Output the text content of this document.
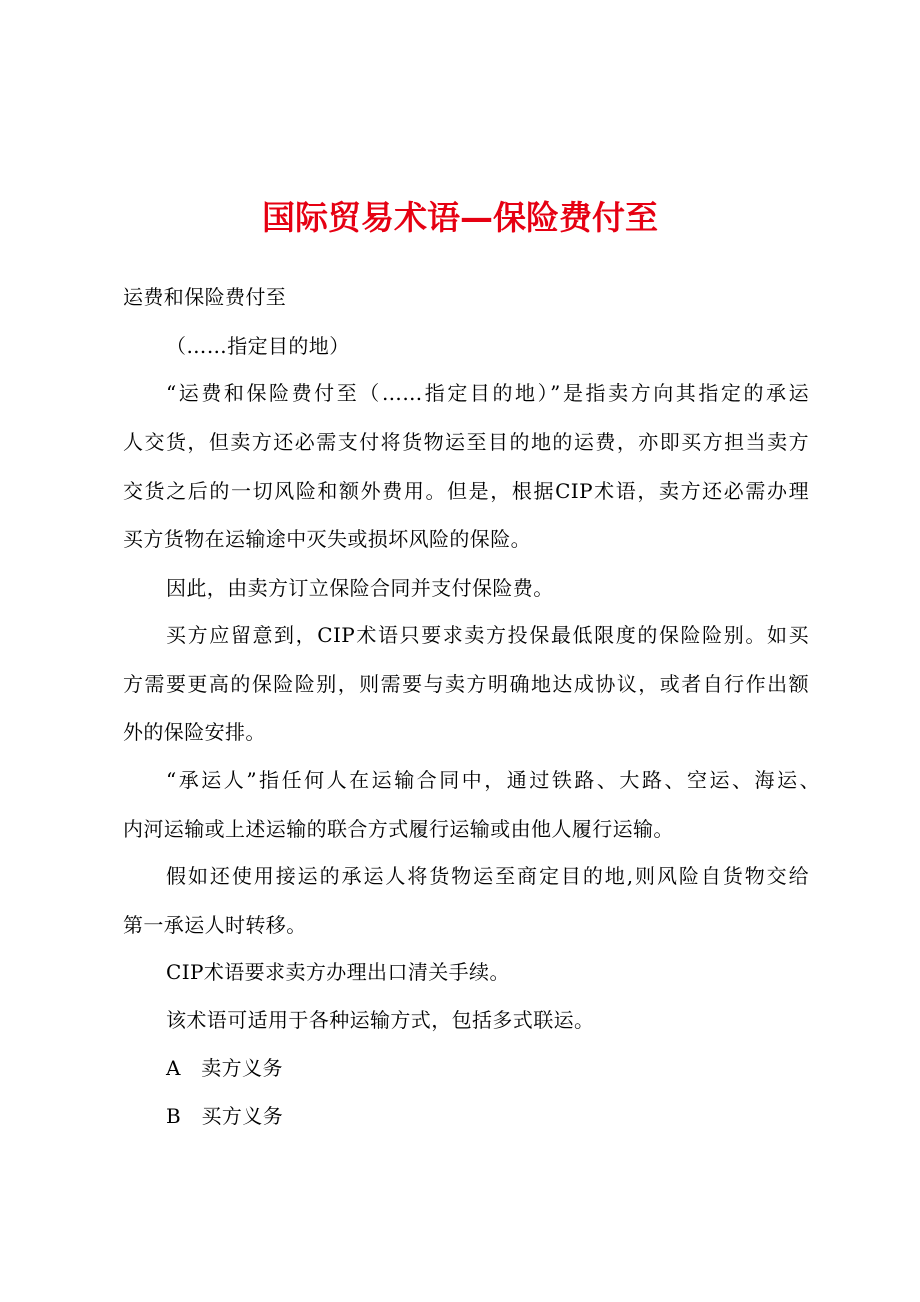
国际贸易术语—保险费付至
运费和保险费付至
（……指定目的地）
“运费和保险费付至（……指定目的地）”是指卖方向其指定的承运
人交货，但卖方还必需支付将货物运至目的地的运费，亦即买方担当卖方
交货之后的一切风险和额外费用。但是，根据CIP术语，卖方还必需办理
买方货物在运输途中灭失或损坏风险的保险。
因此，由卖方订立保险合同并支付保险费。
买方应留意到，CIP术语只要求卖方投保最低限度的保险险别。如买
方需要更高的保险险别，则需要与卖方明确地达成协议，或者自行作出额
外的保险安排。
“承运人”指任何人在运输合同中，通过铁路、大路、空运、海运、
内河运输或上述运输的联合方式履行运输或由他人履行运输。
假如还使用接运的承运人将货物运至商定目的地,则风险自货物交给
第一承运人时转移。
CIP术语要求卖方办理出口清关手续。
该术语可适用于各种运输方式，包括多式联运。
A　卖方义务
B　买方义务
